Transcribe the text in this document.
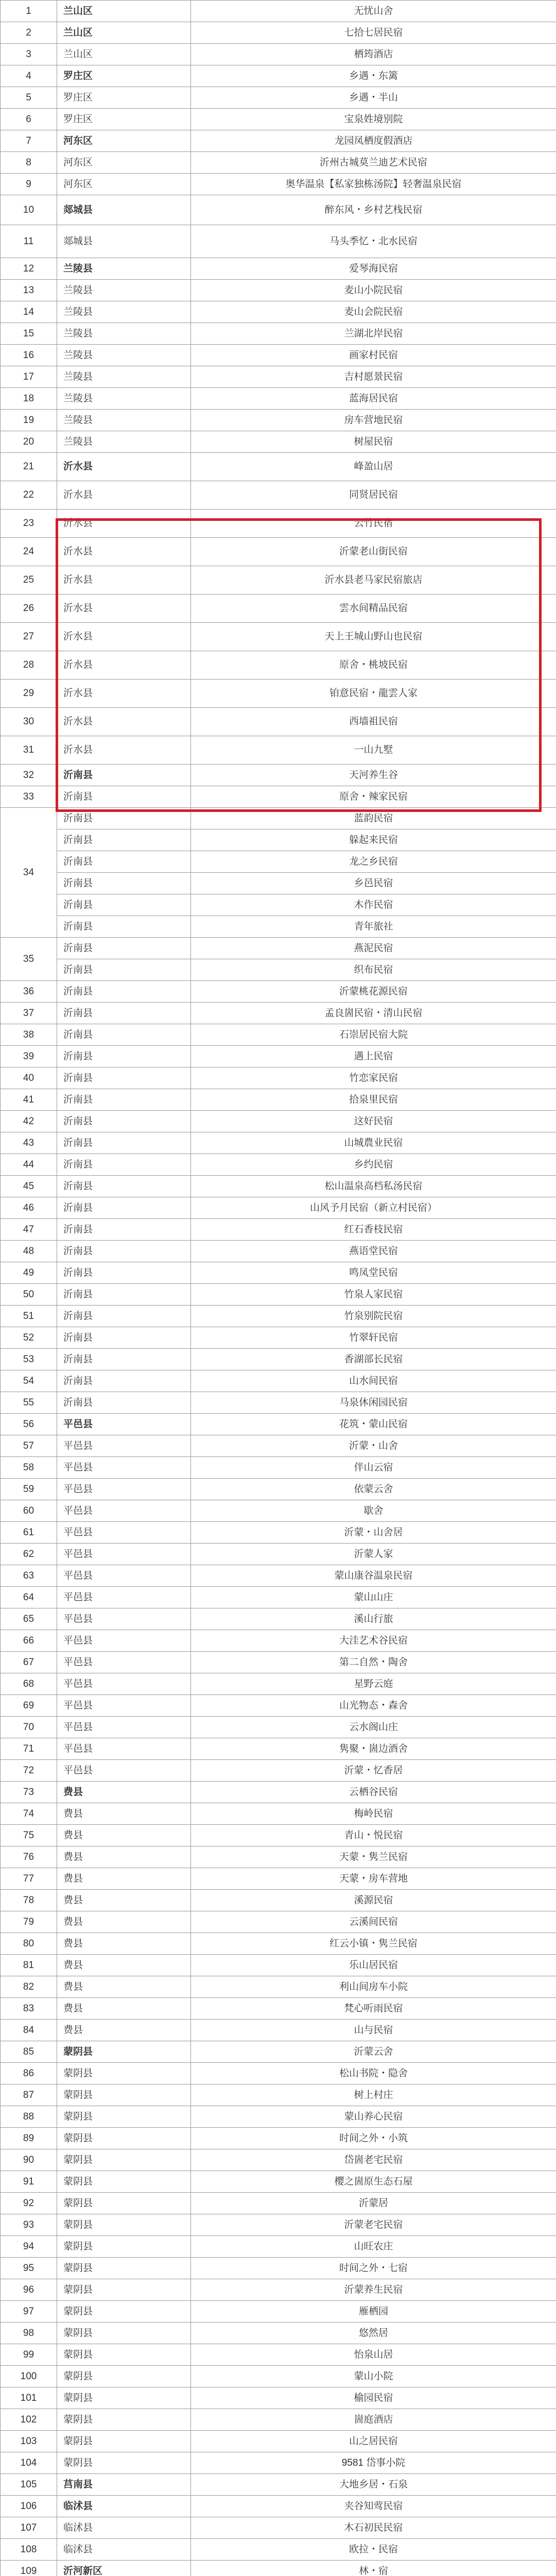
1	兰山区	无忧山舍
2	兰山区	七拾七居民宿
3	兰山区	栖筠酒店
4	罗庄区	乡遇・东篱
5	罗庄区	乡遇・半山
6	罗庄区	宝泉姓境别院
7	河东区	龙园凤栖度假酒店
8	河东区	沂州古城莫兰迪艺术民宿
9	河东区	奥华温泉【私家独栋汤院】轻奢温泉民宿
10	郯城县	醉东风・乡村艺栈民宿
11	郯城县	马头季忆・北水民宿
12	兰陵县	爱琴海民宿
13	兰陵县	麦山小院民宿
14	兰陵县	麦山会院民宿
15	兰陵县	兰湖北岸民宿
16	兰陵县	画家村民宿
17	兰陵县	吉村愿景民宿
18	兰陵县	蓝海居民宿
19	兰陵县	房车营地民宿
20	兰陵县	树屋民宿
21	沂水县	峰盈山居
22	沂水县	同贤居民宿
23	沂水县	云竹民宿
24	沂水县	沂蒙老山街民宿
25	沂水县	沂水县老马家民宿旅店
26	沂水县	雲水间精品民宿
27	沂水县	天上王城山野山也民宿
28	沂水县	原舍・桃坡民宿
29	沂水县	铂意民宿・龍雲人家
30	沂水县	西墙祖民宿
31	沂水县	一山九墅
32	沂南县	天河养生谷
33	沂南县	原舍・辣家民宿
34	沂南县	蓝韵民宿
	沂南县	躲起来民宿
	沂南县	龙之乡民宿
	沂南县	乡邑民宿
	沂南县	木作民宿
	沂南县	青年旅社
35	沂南县	燕泥民宿
	沂南县	织布民宿
36	沂南县	沂蒙桃花源民宿
37	沂南县	孟良崮民宿・清山民宿
38	沂南县	石崇居民宿大院
39	沂南县	遇上民宿
40	沂南县	竹恋家民宿
41	沂南县	拾泉里民宿
42	沂南县	这好民宿
43	沂南县	山城農业民宿
44	沂南县	乡约民宿
45	沂南县	松山温泉高档私汤民宿
46	沂南县	山风予月民宿（新立村民宿）
47	沂南县	红石香枝民宿
48	沂南县	燕语堂民宿
49	沂南县	鸣凤堂民宿
50	沂南县	竹泉人家民宿
51	沂南县	竹泉别院民宿
52	沂南县	竹翠轩民宿
53	沂南县	香湖部长民宿
54	沂南县	山水间民宿
55	沂南县	马泉休闲园民宿
56	平邑县	花筑・蒙山民宿
57	平邑县	沂蒙・山舍
58	平邑县	伴山云宿
59	平邑县	依蒙云舍
60	平邑县	歇舍
61	平邑县	沂蒙・山舍居
62	平邑县	沂蒙人家
63	平邑县	蒙山康谷温泉民宿
64	平邑县	蒙山山庄
65	平邑县	溪山行旅
66	平邑县	大洼艺术谷民宿
67	平邑县	第二自然・陶舍
68	平邑县	星野云庭
69	平邑县	山光物态・森舍
70	平邑县	云水阁山庄
71	平邑县	隽聚・崮边酒舍
72	平邑县	沂蒙・忆香居
73	费县	云栖谷民宿
74	费县	梅岭民宿
75	费县	青山・悦民宿
76	费县	天蒙・隽兰民宿
77	费县	天蒙・房车营地
78	费县	溪源民宿
79	费县	云溪间民宿
80	费县	红云小镇・隽兰民宿
81	费县	乐山居民宿
82	费县	利山间房车小院
83	费县	梵心听雨民宿
84	费县	山与民宿
85	蒙阴县	沂蒙云舍
86	蒙阴县	松山书院・隐舍
87	蒙阴县	树上村庄
88	蒙阴县	蒙山养心民宿
89	蒙阴县	时间之外・小筑
90	蒙阴县	岱崮老宅民宿
91	蒙阴县	樱之崮原生态石屋
92	蒙阴县	沂蒙居
93	蒙阴县	沂蒙老宅民宿
94	蒙阴县	山旺农庄
95	蒙阴县	时间之外・七宿
96	蒙阴县	沂蒙养生民宿
97	蒙阴县	雁栖园
98	蒙阴县	悠然居
99	蒙阴县	怡泉山居
100	蒙阴县	蒙山小院
101	蒙阴县	榆园民宿
102	蒙阴县	崮庭酒店
103	蒙阴县	山之居民宿
104	蒙阴县	9581 岱事小院
105	莒南县	大地乡居・石泉
106	临沭县	夹谷知莺民宿
107	临沭县	木石初民民宿
108	临沭县	欧拉・民宿
109	沂河新区	林・宿
